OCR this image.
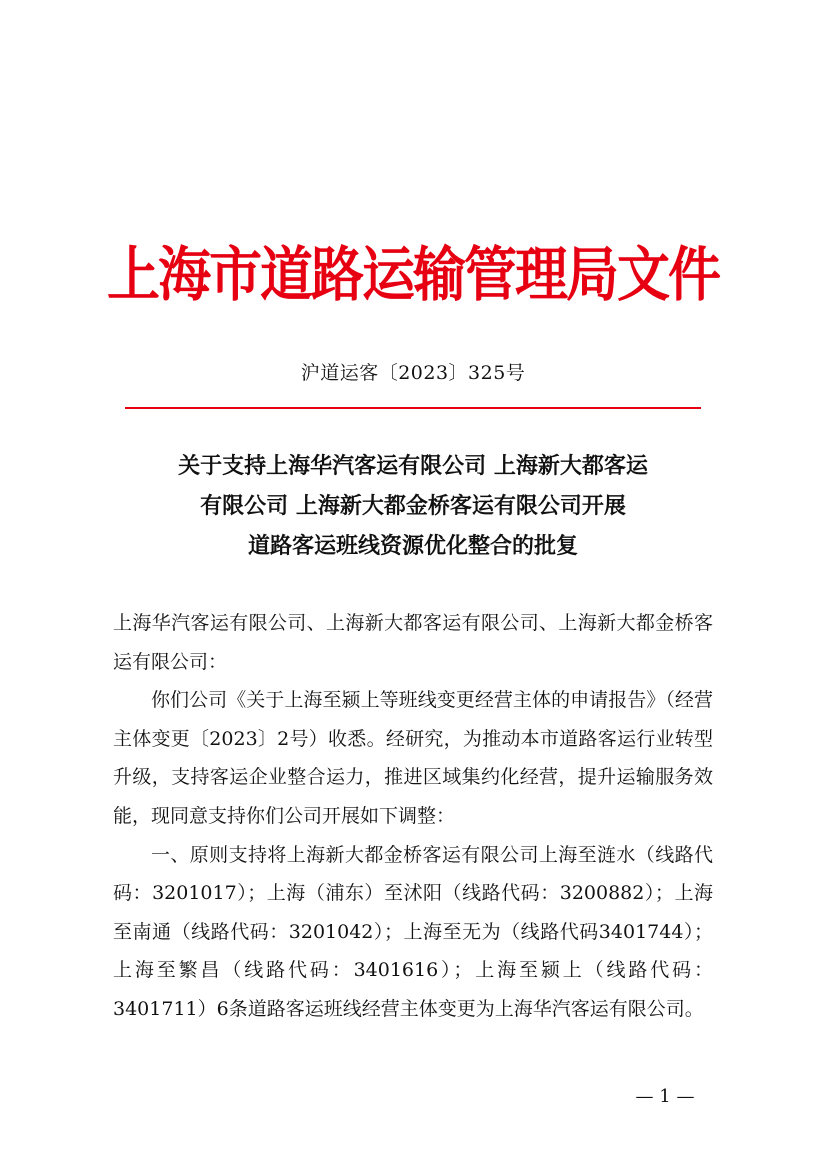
上海市道路运输管理局文件
沪道运客〔2023〕325号
关于支持上海华汽客运有限公司 上海新大都客运
有限公司 上海新大都金桥客运有限公司开展
道路客运班线资源优化整合的批复

上海华汽客运有限公司、上海新大都客运有限公司、上海新大都金桥客运有限公司：

你们公司《关于上海至颍上等班线变更经营主体的申请报告》（经营主体变更〔2023〕2号）收悉。经研究，为推动本市道路客运行业转型升级，支持客运企业整合运力，推进区域集约化经营，提升运输服务效能，现同意支持你们公司开展如下调整：

一、原则支持将上海新大都金桥客运有限公司上海至涟水（线路代码：3201017）；上海（浦东）至沭阳（线路代码：3200882）；上海至南通（线路代码：3201042）；上海至无为（线路代码3401744）；上海至繁昌（线路代码：3401616）；上海至颍上（线路代码：3401711）6条道路客运班线经营主体变更为上海华汽客运有限公司。

— 1 —
